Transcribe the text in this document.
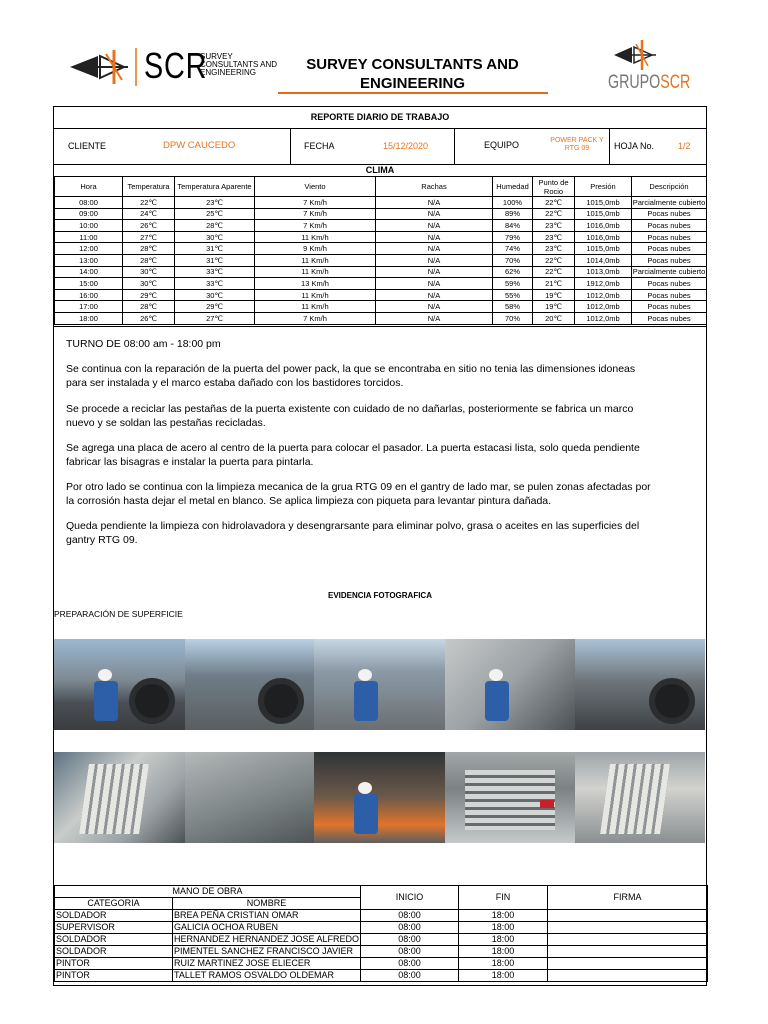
SCR
SURVEY
CONSULTANTS AND
ENGINEERING	SURVEY CONSULTANTS AND
ENGINEERING	GRUPOSCR
REPORTE DIARIO DE TRABAJO
CLIENTE	DPW CAUCEDO	FECHA	15/12/2020	EQUIPO	POWER PACK Y
RTG 09	HOJA No.	1/2
CLIMA
Hora	Temperatura	Temperatura Aparente	Viento	Rachas	Humedad	Punto de Rocio	Presión	Descripción
08:00	22℃	23℃	7 Km/h	N/A	100%	22℃	1015,0mb	Parcialmente cubierto
09:00	24℃	25℃	7 Km/h	N/A	89%	22℃	1015,0mb	Pocas nubes
10:00	26℃	28℃	7 Km/h	N/A	84%	23℃	1016,0mb	Pocas nubes
11:00	27℃	30℃	11 Km/h	N/A	79%	23℃	1016,0mb	Pocas nubes
12:00	28℃	31℃	9 Km/h	N/A	74%	23℃	1015,0mb	Pocas nubes
13:00	28℃	31℃	11 Km/h	N/A	70%	22℃	1014,0mb	Pocas nubes
14:00	30℃	33℃	11 Km/h	N/A	62%	22℃	1013,0mb	Parcialmente cubierto
15:00	30℃	33℃	13 Km/h	N/A	59%	21℃	1912,0mb	Pocas nubes
16:00	29℃	30℃	11 Km/h	N/A	55%	19℃	1012,0mb	Pocas nubes
17:00	28℃	29℃	11 Km/h	N/A	58%	19℃	1012,0mb	Pocas nubes
18:00	26℃	27℃	7 Km/h	N/A	70%	20℃	1012,0mb	Pocas nubes
TURNO DE 08:00 am - 18:00 pm
Se continua con la reparación de la puerta del power pack, la que se encontraba en sitio no tenia las dimensiones idoneas
para ser instalada y el marco estaba dañado con los bastidores torcidos.
Se procede a reciclar las pestañas de la puerta existente con cuidado de no dañarlas, posteriormente se fabrica un marco
nuevo y se soldan las pestañas recicladas.
Se agrega una placa de acero al centro de la puerta para colocar el pasador. La puerta estacasi lista, solo queda pendiente
fabricar las bisagras e instalar la puerta para pintarla.
Por otro lado se continua con la limpieza mecanica de la grua RTG 09 en el gantry de lado mar, se pulen zonas afectadas por
la corrosión hasta dejar el metal en blanco. Se aplica limpieza con piqueta para levantar pintura dañada.
Queda pendiente la limpieza con hidrolavadora y desengrarsante para eliminar polvo, grasa o aceites en las superficies del
gantry RTG 09.
EVIDENCIA FOTOGRAFICA
PREPARACIÓN DE SUPERFICIE
MANO DE OBRA		INICIO	FIN	FIRMA
CATEGORIA	NOMBRE			
SOLDADOR	BREA PEÑA CRISTIAN OMAR	08:00	18:00	
SUPERVISOR	GALICIA OCHOA RUBEN	08:00	18:00	
SOLDADOR	HERNANDEZ HERNANDEZ JOSE ALFREDO	08:00	18:00	
SOLDADOR	PIMENTEL SANCHEZ FRANCISCO JAVIER	08:00	18:00	
PINTOR	RUIZ MARTINEZ JOSE ELIECER	08:00	18:00	
PINTOR	TALLET RAMOS OSVALDO OLDEMAR	08:00	18:00	
